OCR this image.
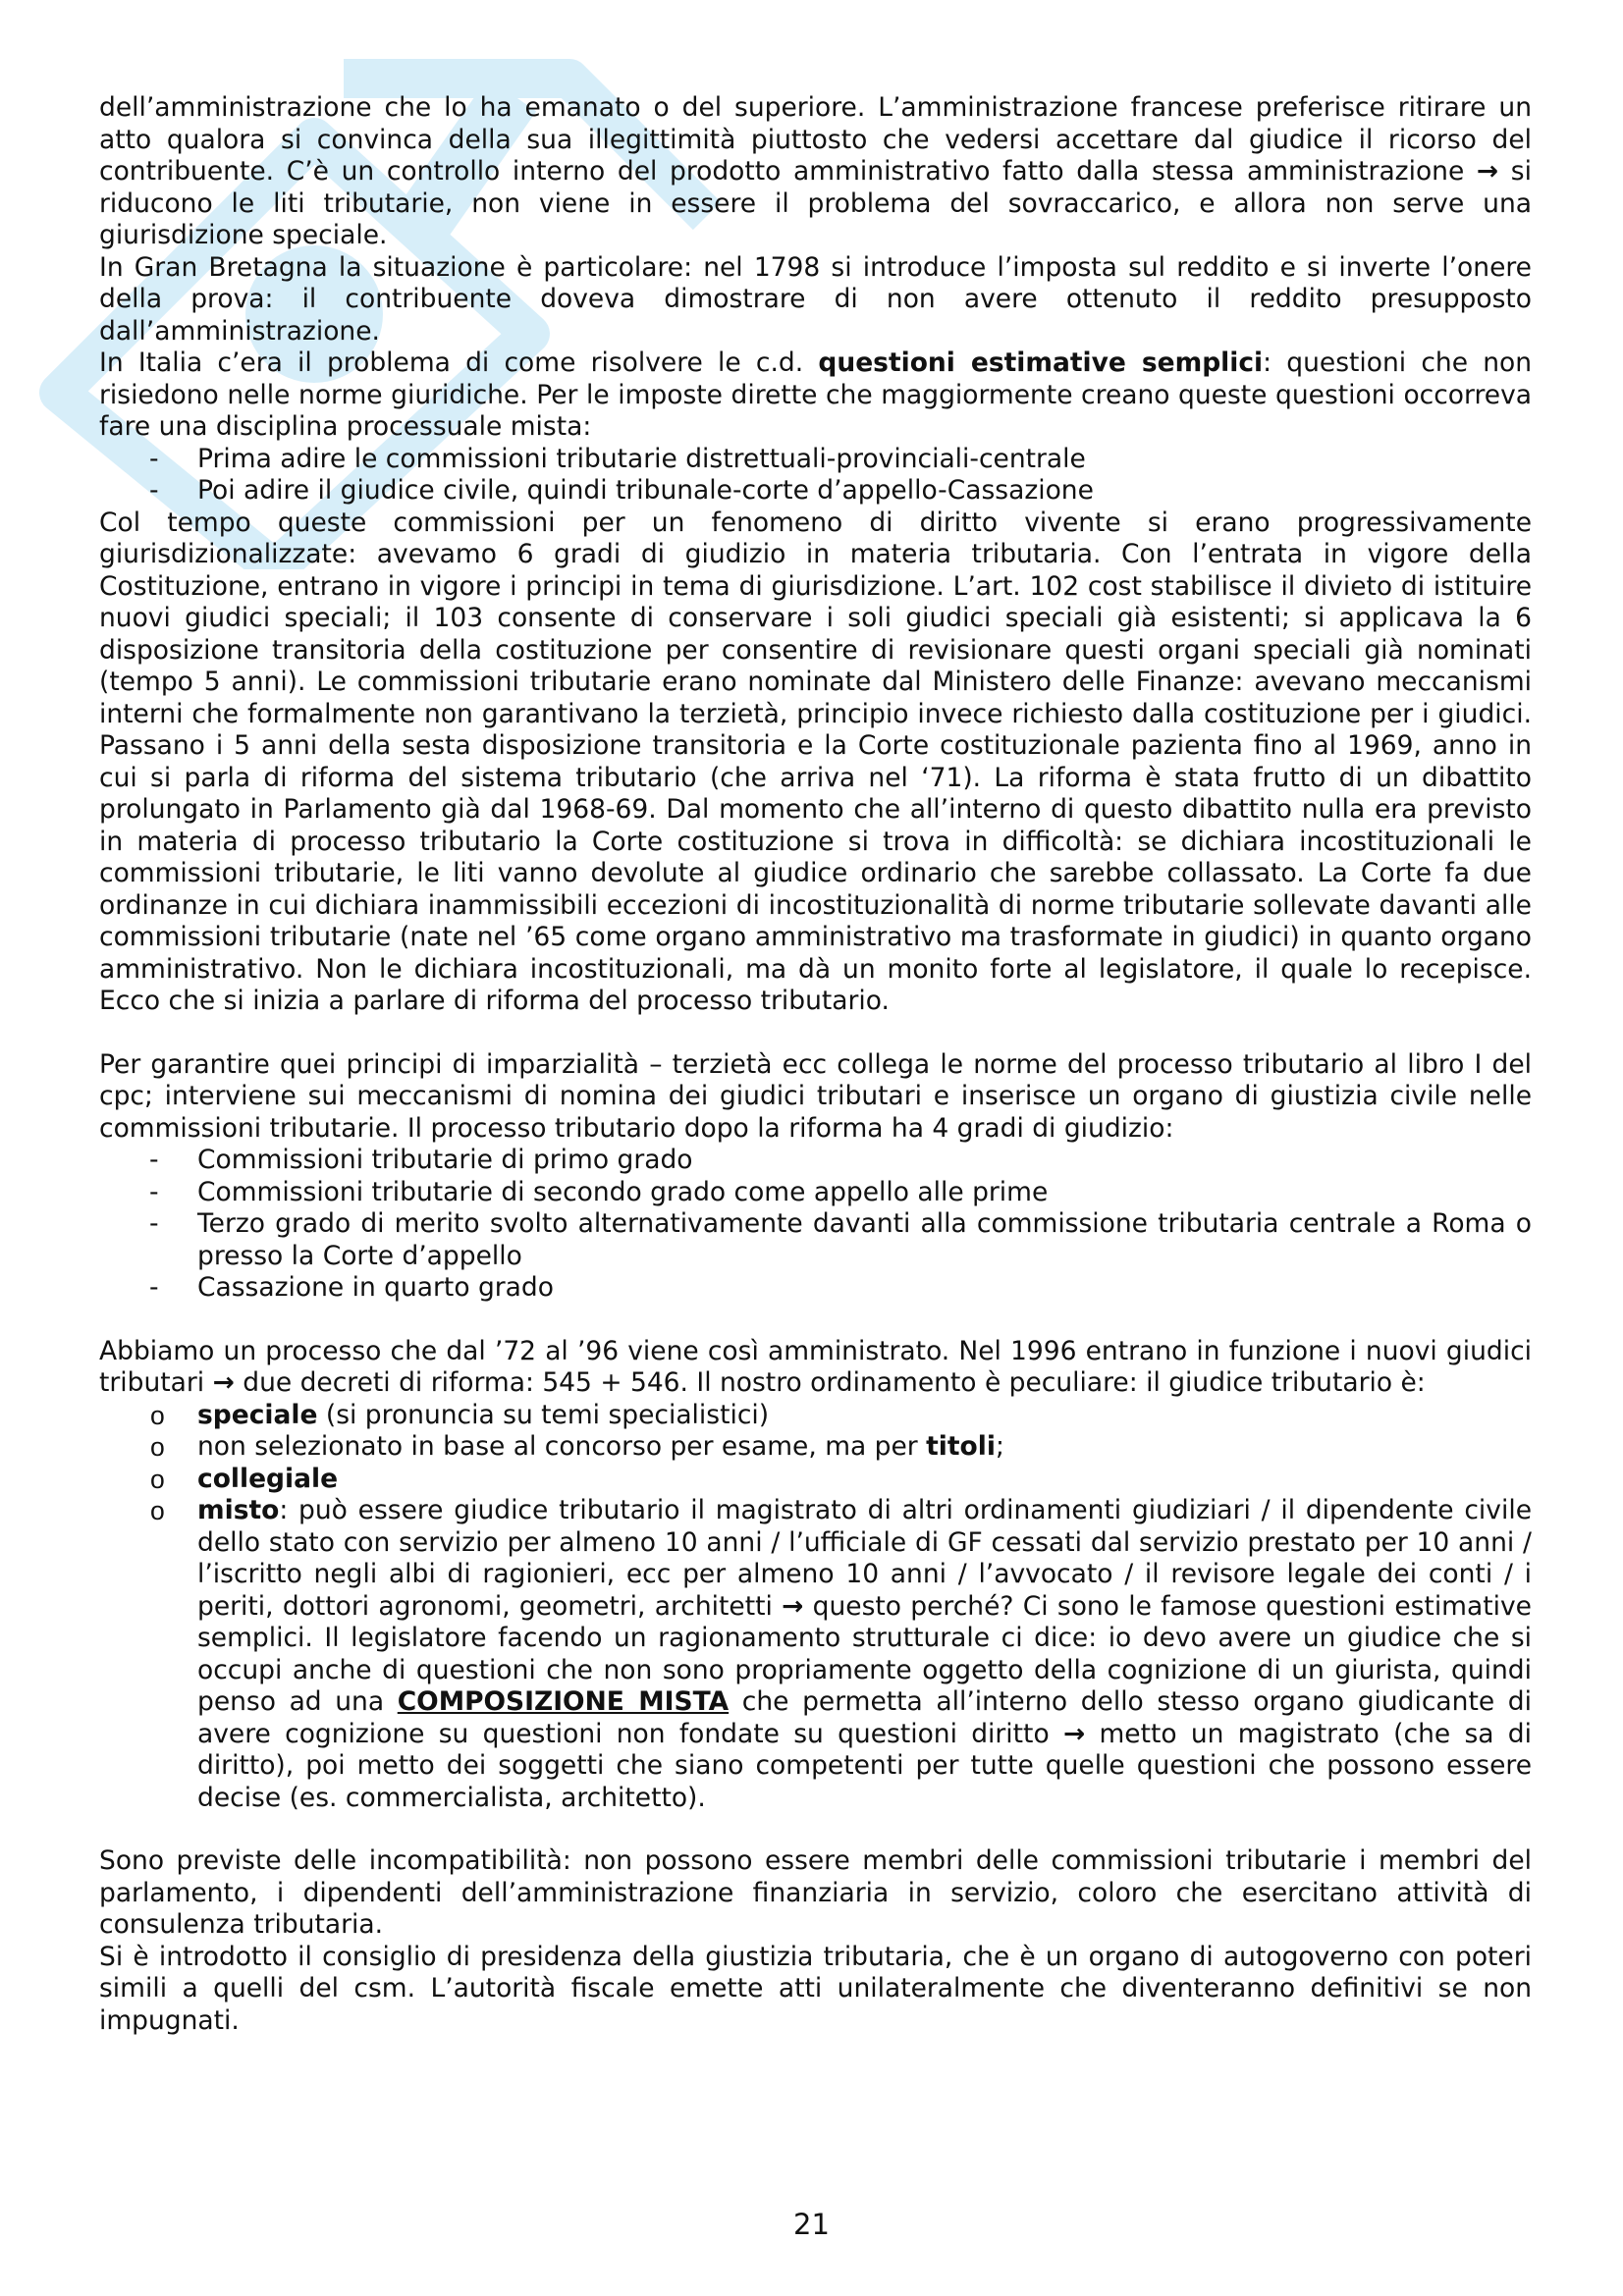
dell’amministrazione che lo ha emanato o del superiore. L’amministrazione francese preferisce ritirare un atto qualora si convinca della sua illegittimità piuttosto che vedersi accettare dal giudice il ricorso del contribuente. C’è un controllo interno del prodotto amministrativo fatto dalla stessa amministrazione → si riducono le liti tributarie, non viene in essere il problema del sovraccarico, e allora non serve una giurisdizione speciale.

In Gran Bretagna la situazione è particolare: nel 1798 si introduce l’imposta sul reddito e si inverte l’onere della prova: il contribuente doveva dimostrare di non avere ottenuto il reddito presupposto dall’amministrazione.

In Italia c’era il problema di come risolvere le c.d. questioni estimative semplici: questioni che non risiedono nelle norme giuridiche. Per le imposte dirette che maggiormente creano queste questioni occorreva fare una disciplina processuale mista:

- Prima adire le commissioni tributarie distrettuali-provinciali-centrale
- Poi adire il giudice civile, quindi tribunale-corte d’appello-Cassazione

Col tempo queste commissioni per un fenomeno di diritto vivente si erano progressivamente giurisdizionalizzate: avevamo 6 gradi di giudizio in materia tributaria. Con l’entrata in vigore della Costituzione, entrano in vigore i principi in tema di giurisdizione. L’art. 102 cost stabilisce il divieto di istituire nuovi giudici speciali; il 103 consente di conservare i soli giudici speciali già esistenti; si applicava la 6 disposizione transitoria della costituzione per consentire di revisionare questi organi speciali già nominati (tempo 5 anni). Le commissioni tributarie erano nominate dal Ministero delle Finanze: avevano meccanismi interni che formalmente non garantivano la terzietà, principio invece richiesto dalla costituzione per i giudici. Passano i 5 anni della sesta disposizione transitoria e la Corte costituzionale pazienta fino al 1969, anno in cui si parla di riforma del sistema tributario (che arriva nel ‘71). La riforma è stata frutto di un dibattito prolungato in Parlamento già dal 1968-69. Dal momento che all’interno di questo dibattito nulla era previsto in materia di processo tributario la Corte costituzione si trova in difficoltà: se dichiara incostituzionali le commissioni tributarie, le liti vanno devolute al giudice ordinario che sarebbe collassato. La Corte fa due ordinanze in cui dichiara inammissibili eccezioni di incostituzionalità di norme tributarie sollevate davanti alle commissioni tributarie (nate nel ’65 come organo amministrativo ma trasformate in giudici) in quanto organo amministrativo. Non le dichiara incostituzionali, ma dà un monito forte al legislatore, il quale lo recepisce. Ecco che si inizia a parlare di riforma del processo tributario.

Per garantire quei principi di imparzialità – terzietà ecc collega le norme del processo tributario al libro I del cpc; interviene sui meccanismi di nomina dei giudici tributari e inserisce un organo di giustizia civile nelle commissioni tributarie. Il processo tributario dopo la riforma ha 4 gradi di giudizio:

- Commissioni tributarie di primo grado
- Commissioni tributarie di secondo grado come appello alle prime
- Terzo grado di merito svolto alternativamente davanti alla commissione tributaria centrale a Roma o presso la Corte d’appello
- Cassazione in quarto grado

Abbiamo un processo che dal ’72 al ’96 viene così amministrato. Nel 1996 entrano in funzione i nuovi giudici tributari → due decreti di riforma: 545 + 546. Il nostro ordinamento è peculiare: il giudice tributario è:

o speciale (si pronuncia su temi specialistici)
o non selezionato in base al concorso per esame, ma per titoli;
o collegiale
o misto: può essere giudice tributario il magistrato di altri ordinamenti giudiziari / il dipendente civile dello stato con servizio per almeno 10 anni / l’ufficiale di GF cessati dal servizio prestato per 10 anni / l’iscritto negli albi di ragionieri, ecc per almeno 10 anni / l’avvocato / il revisore legale dei conti / i periti, dottori agronomi, geometri, architetti → questo perché? Ci sono le famose questioni estimative semplici. Il legislatore facendo un ragionamento strutturale ci dice: io devo avere un giudice che si occupi anche di questioni che non sono propriamente oggetto della cognizione di un giurista, quindi penso ad una COMPOSIZIONE MISTA che permetta all’interno dello stesso organo giudicante di avere cognizione su questioni non fondate su questioni diritto → metto un magistrato (che sa di diritto), poi metto dei soggetti che siano competenti per tutte quelle questioni che possono essere decise (es. commercialista, architetto).

Sono previste delle incompatibilità: non possono essere membri delle commissioni tributarie i membri del parlamento, i dipendenti dell’amministrazione finanziaria in servizio, coloro che esercitano attività di consulenza tributaria.

Si è introdotto il consiglio di presidenza della giustizia tributaria, che è un organo di autogoverno con poteri simili a quelli del csm. L’autorità fiscale emette atti unilateralmente che diventeranno definitivi se non impugnati.

21
